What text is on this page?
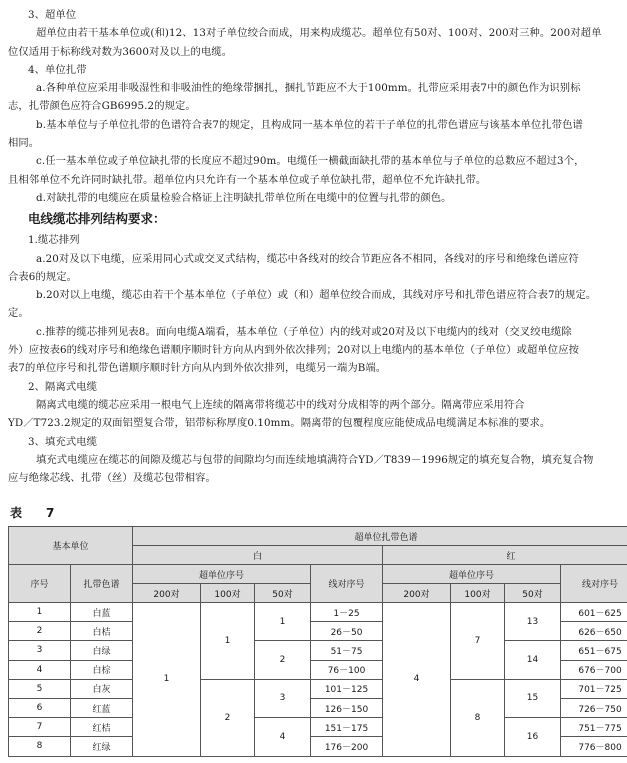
3、超单位
超单位由若干基本单位或(和)12、13对子单位绞合而成，用来构成缆芯。超单位有50对、100对、200对三种。200对超单
位仅适用于标称线对数为3600对及以上的电缆。
4、单位扎带
a.各种单位应采用非吸湿性和非吸油性的绝缘带捆扎，捆扎节距应不大于100mm。扎带应采用表7中的颜色作为识别标
志，扎带颜色应符合GB6995.2的规定。
b.基本单位与子单位扎带的色谱符合表7的规定，且构成同一基本单位的若干子单位的扎带色谱应与该基本单位扎带色谱
相同。
c.任一基本单位或子单位缺扎带的长度应不超过90m。电缆任一横截面缺扎带的基本单位与子单位的总数应不超过3个，
且相邻单位不允许同时缺扎带。超单位内只允许有一个基本单位或子单位缺扎带，超单位不允许缺扎带。
d.对缺扎带的电缆应在质量检验合格证上注明缺扎带单位所在电缆中的位置与扎带的颜色。
电线缆芯排列结构要求：
1.缆芯排列
a.20对及以下电缆，应采用同心式或交叉式结构，缆芯中各线对的绞合节距应各不相同，各线对的序号和绝缘色谱应符
合表6的规定。
b.20对以上电缆，缆芯由若干个基本单位（子单位）或（和）超单位绞合而成，其线对序号和扎带色谱应符合表7的规定。
定。
c.推荐的缆芯排列见表8。面向电缆A端看，基本单位（子单位）内的线对或20对及以下电缆内的线对（交叉绞电缆除
外）应按表6的线对序号和绝缘色谱顺序顺时针方向从内到外依次排列；20对以上电缆内的基本单位（子单位）或超单位应按
表7的单位序号和扎带色谱顺序顺时针方向从内到外依次排列，电缆另一端为B端。
2、隔离式电缆
隔离式电缆的缆芯应采用一根电气上连续的隔离带将缆芯中的线对分成相等的两个部分。隔离带应采用符合
YD／T723.2规定的双面铝塑复合带，铝带标称厚度0.10mm。隔离带的包覆程度应能使成品电缆满足本标准的要求。
3、填充式电缆
填充式电缆应在缆芯的间隙及缆芯与包带的间隙均匀而连续地填满符合YD／T839－1996规定的填充复合物，填充复合物
应与绝缘芯线、扎带（丝）及缆芯包带相容。
表　7
基本单位		超单位扎带色谱							
		白				红			
序号	扎带色谱	超单位序号			线对序号	超单位序号			线对序号
		200对	100对	50对		200对	100对	50对	
1	白蓝	1	1	1	1－25	4	7	13	601－625
2	白桔				26－50				626－650
3	白绿			2	51－75			14	651－675
4	白棕				76－100				676－700
5	白灰		2	3	101－125		8	15	701－725
6	红蓝				126－150				726－750
7	红桔			4	151－175			16	751－775
8	红绿				176－200				776－800
